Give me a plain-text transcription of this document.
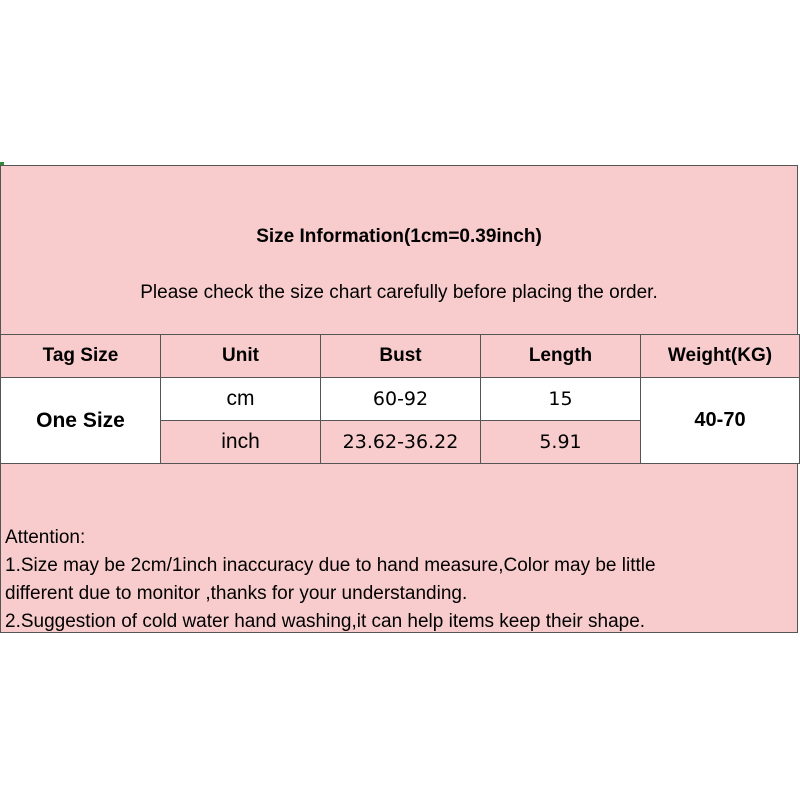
Size Information(1cm=0.39inch)
Please check the size chart carefully before placing the order.
Tag Size	Unit	Bust	Length	Weight(KG)
One Size	cm	60-92	15	40-70
	inch	23.62-36.22	5.91	
Attention:
1.Size may be 2cm/1inch inaccuracy due to hand measure,Color may be little
different due to monitor ,thanks for your understanding.
2.Suggestion of cold water hand washing,it can help items keep their shape.
